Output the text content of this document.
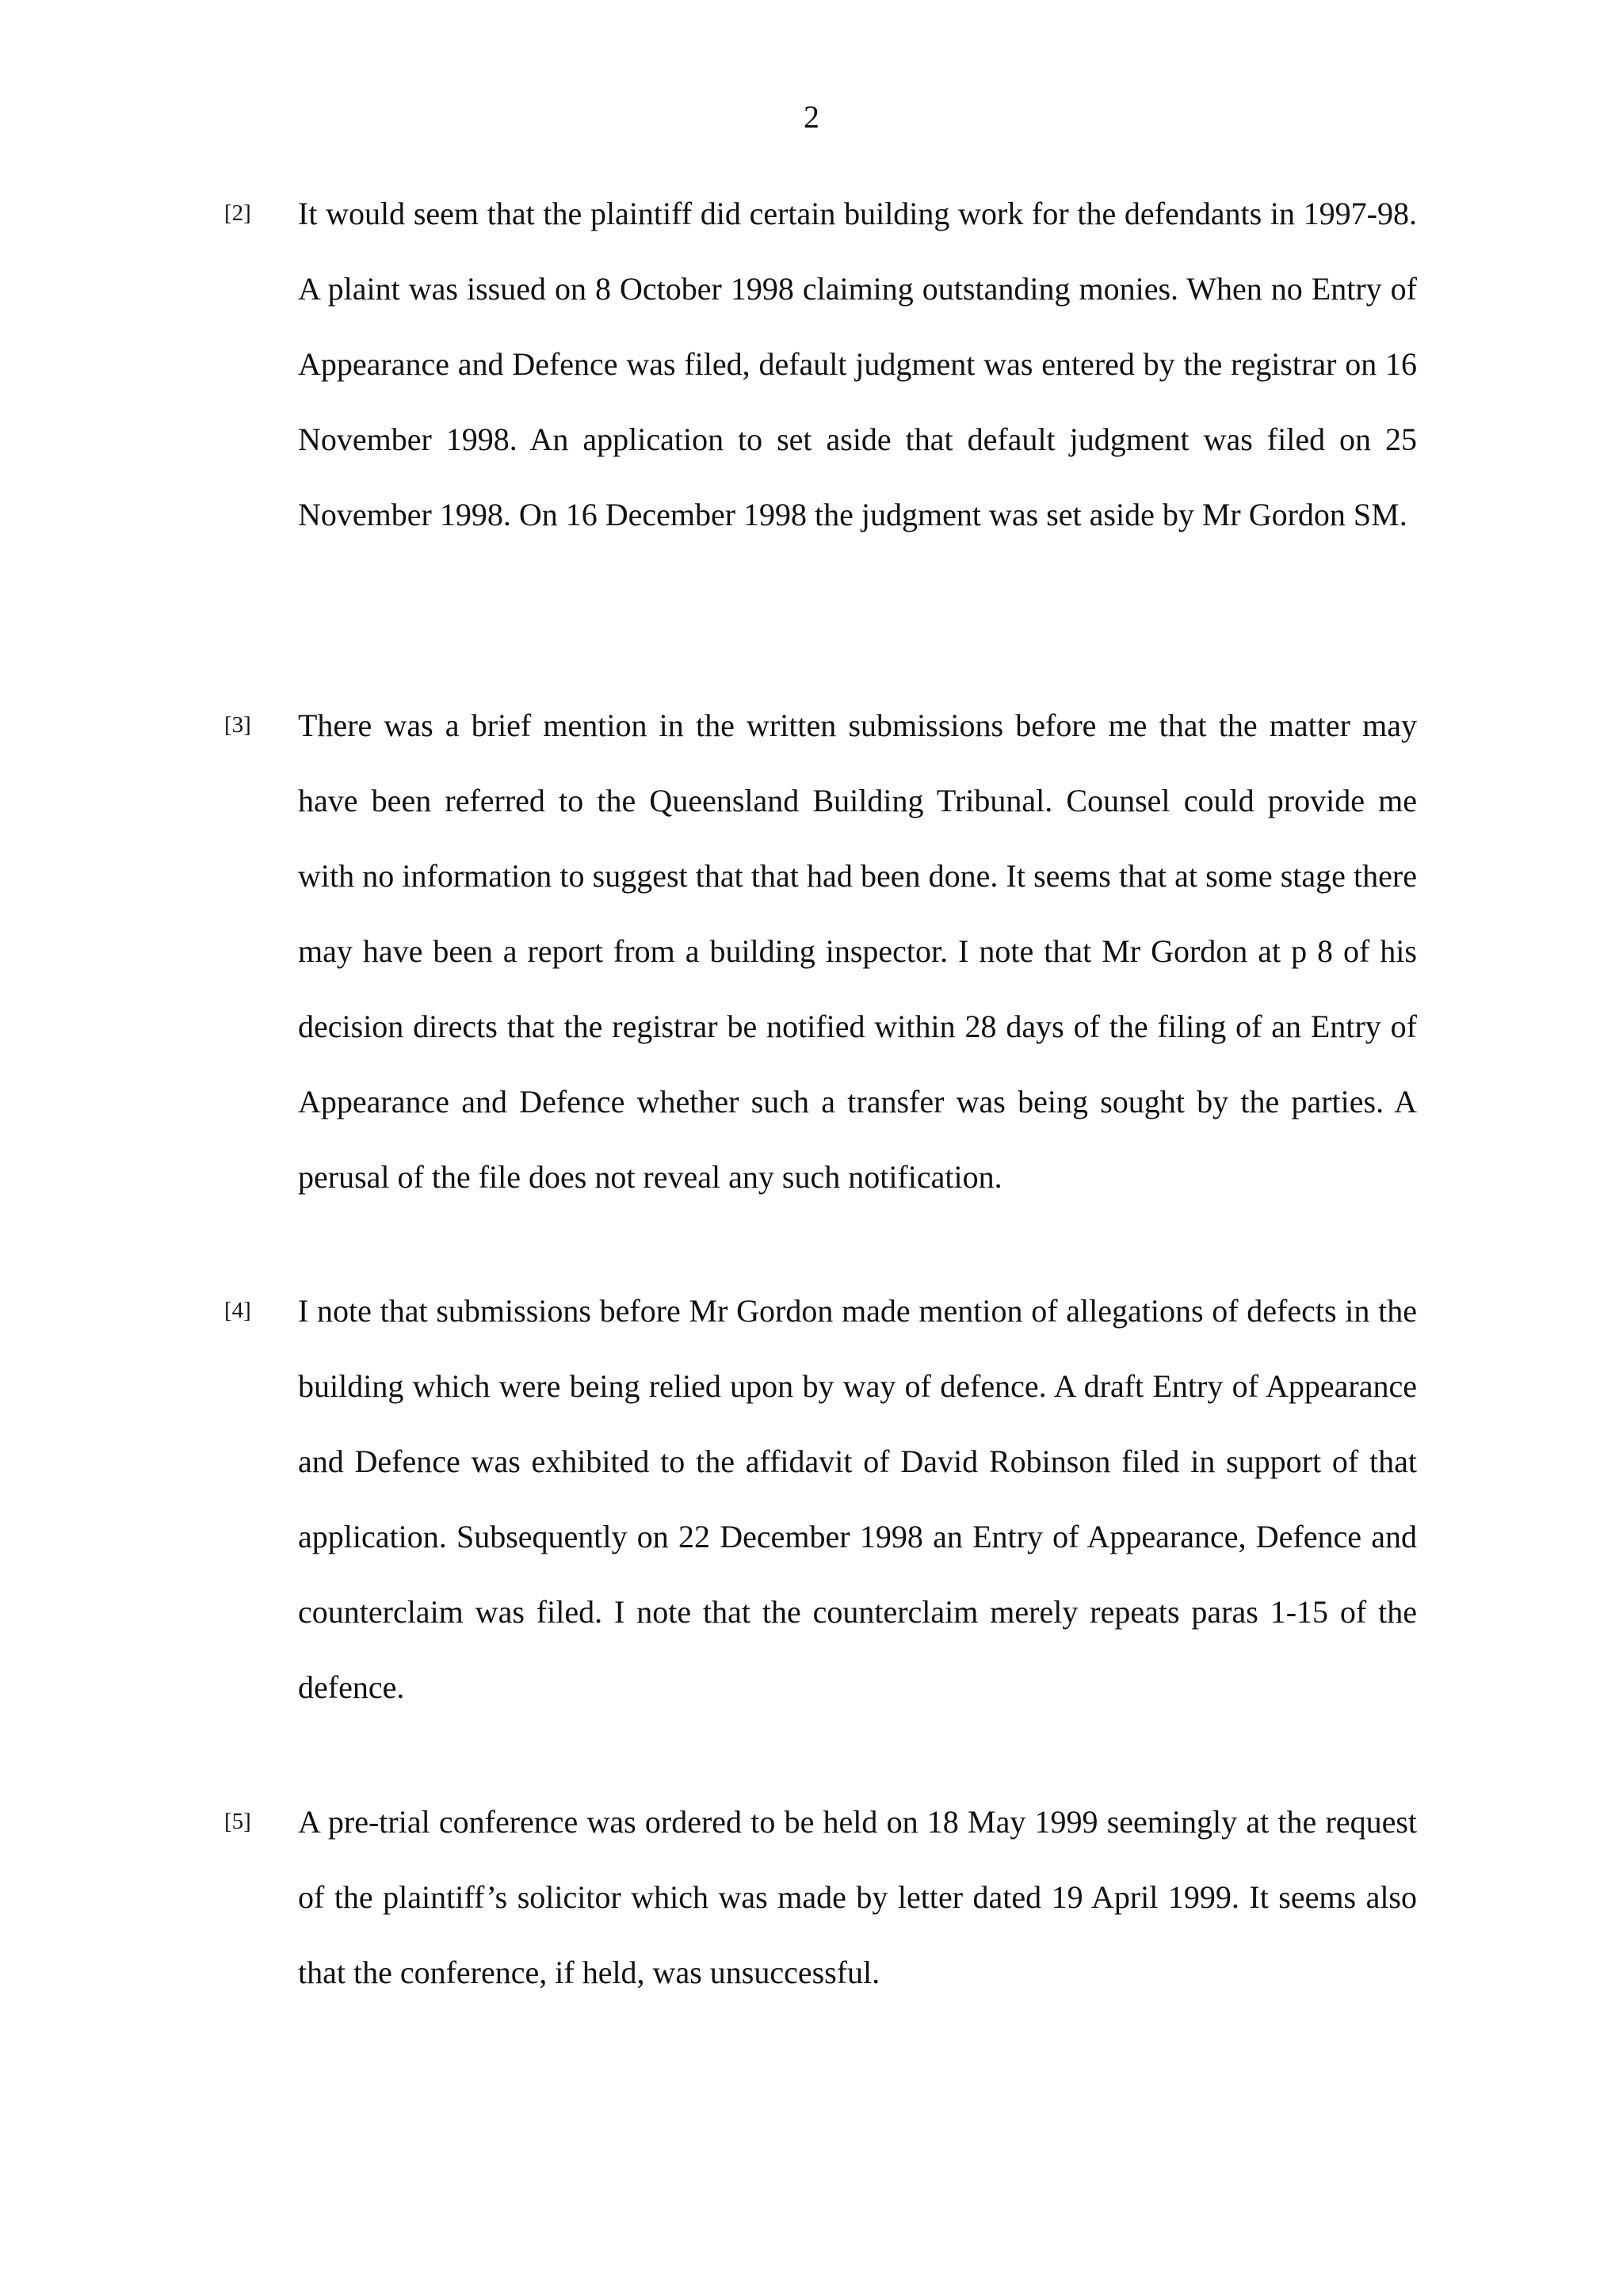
2
[2] It would seem that the plaintiff did certain building work for the defendants in 1997-98. A plaint was issued on 8 October 1998 claiming outstanding monies. When no Entry of Appearance and Defence was filed, default judgment was entered by the registrar on 16 November 1998. An application to set aside that default judgment was filed on 25 November 1998. On 16 December 1998 the judgment was set aside by Mr Gordon SM.
[3] There was a brief mention in the written submissions before me that the matter may have been referred to the Queensland Building Tribunal. Counsel could provide me with no information to suggest that that had been done. It seems that at some stage there may have been a report from a building inspector. I note that Mr Gordon at p 8 of his decision directs that the registrar be notified within 28 days of the filing of an Entry of Appearance and Defence whether such a transfer was being sought by the parties. A perusal of the file does not reveal any such notification.
[4] I note that submissions before Mr Gordon made mention of allegations of defects in the building which were being relied upon by way of defence. A draft Entry of Appearance and Defence was exhibited to the affidavit of David Robinson filed in support of that application. Subsequently on 22 December 1998 an Entry of Appearance, Defence and counterclaim was filed. I note that the counterclaim merely repeats paras 1-15 of the defence.
[5] A pre-trial conference was ordered to be held on 18 May 1999 seemingly at the request of the plaintiff’s solicitor which was made by letter dated 19 April 1999. It seems also that the conference, if held, was unsuccessful.
